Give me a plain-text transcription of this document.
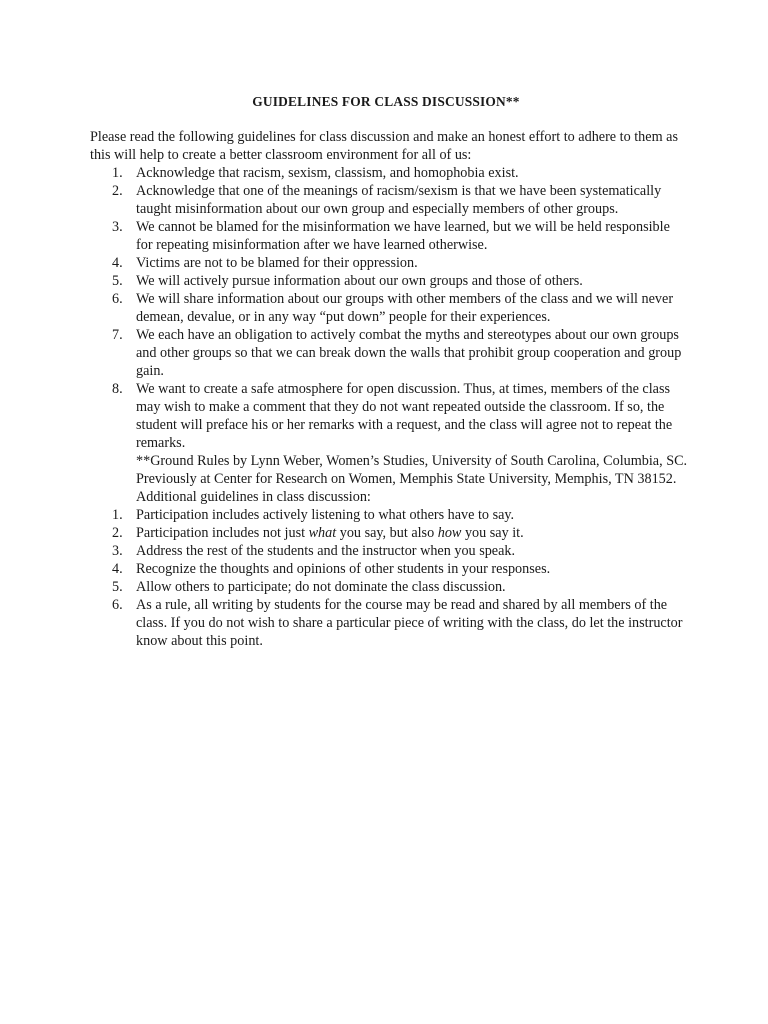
GUIDELINES FOR CLASS DISCUSSION**

Please read the following guidelines for class discussion and make an honest effort to adhere to them as this will help to create a better classroom environment for all of us:

1. Acknowledge that racism, sexism, classism, and homophobia exist.
2. Acknowledge that one of the meanings of racism/sexism is that we have been systematically taught misinformation about our own group and especially members of other groups.
3. We cannot be blamed for the misinformation we have learned, but we will be held responsible for repeating misinformation after we have learned otherwise.
4. Victims are not to be blamed for their oppression.
5. We will actively pursue information about our own groups and those of others.
6. We will share information about our groups with other members of the class and we will never demean, devalue, or in any way “put down” people for their experiences.
7. We each have an obligation to actively combat the myths and stereotypes about our own groups and other groups so that we can break down the walls that prohibit group cooperation and group gain.
8. We want to create a safe atmosphere for open discussion. Thus, at times, members of the class may wish to make a comment that they do not want repeated outside the classroom. If so, the student will preface his or her remarks with a request, and the class will agree not to repeat the remarks.

**Ground Rules by Lynn Weber, Women’s Studies, University of South Carolina, Columbia, SC. Previously at Center for Research on Women, Memphis State University, Memphis, TN 38152.

Additional guidelines in class discussion:

1. Participation includes actively listening to what others have to say.
2. Participation includes not just what you say, but also how you say it.
3. Address the rest of the students and the instructor when you speak.
4. Recognize the thoughts and opinions of other students in your responses.
5. Allow others to participate; do not dominate the class discussion.
6. As a rule, all writing by students for the course may be read and shared by all members of the class. If you do not wish to share a particular piece of writing with the class, do let the instructor know about this point.
